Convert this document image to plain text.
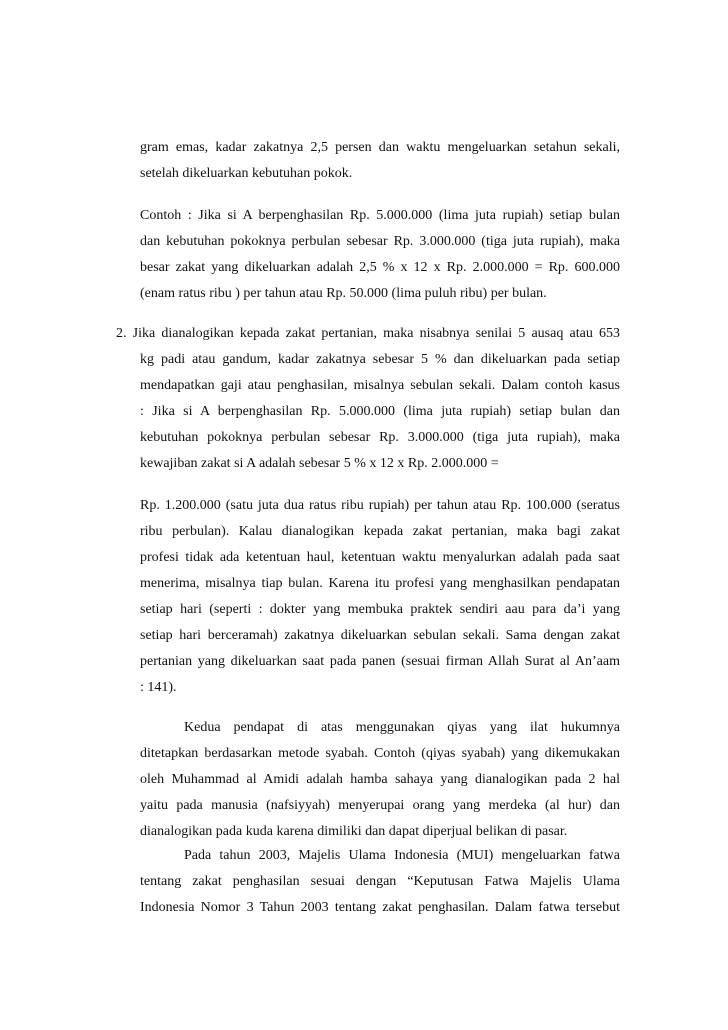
gram emas, kadar zakatnya 2,5 persen dan waktu mengeluarkan setahun sekali,
setelah dikeluarkan kebutuhan pokok.
Contoh : Jika si A berpenghasilan Rp. 5.000.000 (lima juta rupiah) setiap bulan
dan kebutuhan pokoknya perbulan sebesar Rp. 3.000.000 (tiga juta rupiah), maka
besar zakat yang dikeluarkan adalah 2,5 % x 12 x Rp. 2.000.000 = Rp. 600.000
(enam ratus ribu ) per tahun atau Rp. 50.000 (lima puluh ribu) per bulan.
2. Jika dianalogikan kepada zakat pertanian, maka nisabnya senilai 5 ausaq atau 653
kg padi atau gandum, kadar zakatnya sebesar 5 % dan dikeluarkan pada setiap
mendapatkan gaji atau penghasilan, misalnya sebulan sekali. Dalam contoh kasus
: Jika si A berpenghasilan Rp. 5.000.000 (lima juta rupiah) setiap bulan dan
kebutuhan pokoknya perbulan sebesar Rp. 3.000.000 (tiga juta rupiah), maka
kewajiban zakat si A adalah sebesar 5 % x 12 x Rp. 2.000.000 =
Rp. 1.200.000 (satu juta dua ratus ribu rupiah) per tahun atau Rp. 100.000 (seratus
ribu perbulan). Kalau dianalogikan kepada zakat pertanian, maka bagi zakat
profesi tidak ada ketentuan haul, ketentuan waktu menyalurkan adalah pada saat
menerima, misalnya tiap bulan. Karena itu profesi yang menghasilkan pendapatan
setiap hari (seperti : dokter yang membuka praktek sendiri aau para da’i yang
setiap hari berceramah) zakatnya dikeluarkan sebulan sekali. Sama dengan zakat
pertanian yang dikeluarkan saat pada panen (sesuai firman Allah Surat al An’aam
: 141).
Kedua pendapat di atas menggunakan qiyas yang ilat hukumnya
ditetapkan berdasarkan metode syabah. Contoh (qiyas syabah) yang dikemukakan
oleh Muhammad al Amidi adalah hamba sahaya yang dianalogikan pada 2 hal
yaitu pada manusia (nafsiyyah) menyerupai orang yang merdeka (al hur) dan
dianalogikan pada kuda karena dimiliki dan dapat diperjual belikan di pasar.
Pada tahun 2003, Majelis Ulama Indonesia (MUI) mengeluarkan fatwa
tentang zakat penghasilan sesuai dengan “Keputusan Fatwa Majelis Ulama
Indonesia Nomor 3 Tahun 2003 tentang zakat penghasilan. Dalam fatwa tersebut
